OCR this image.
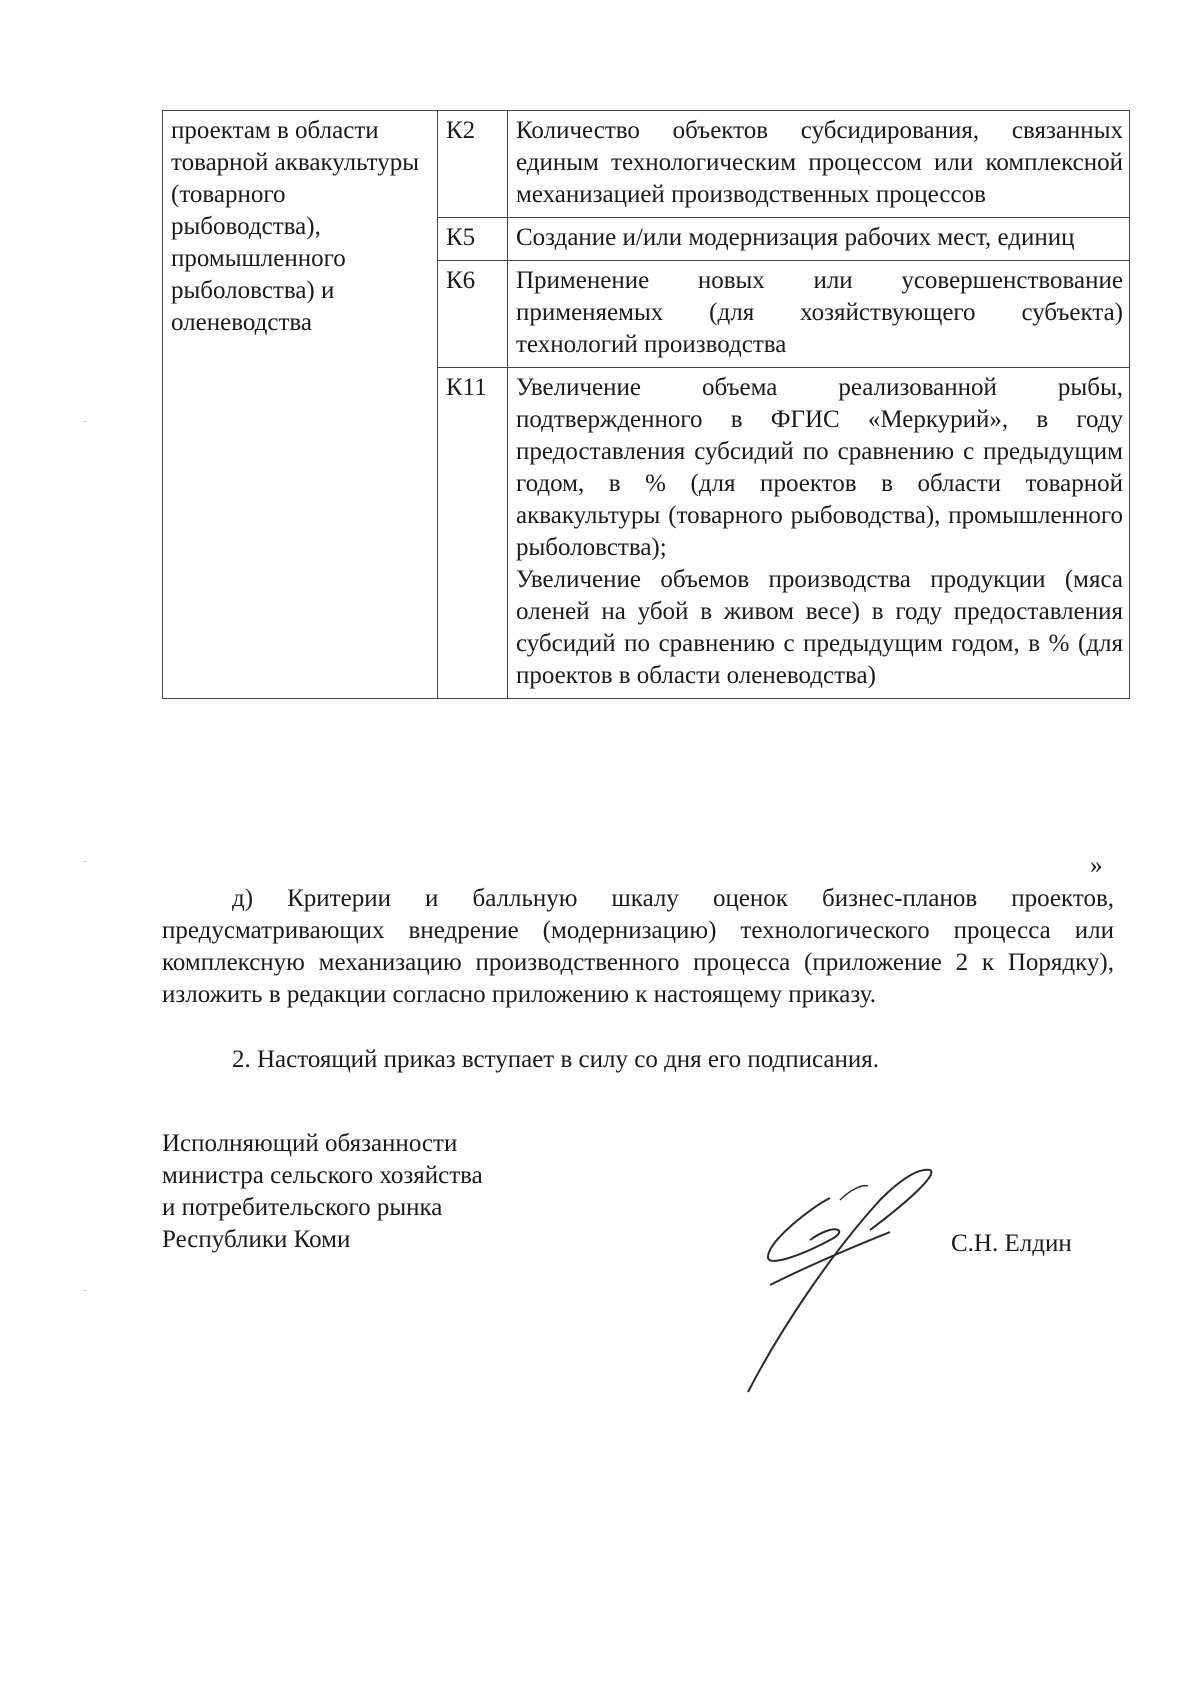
проектам в области товарной аквакультуры (товарного рыбоводства), промышленного рыболовства) и оленеводства	К2	Количество объектов субсидирования, связанных единым технологическим процессом или комплексной механизацией производственных процессов

	К5	Создание и/или модернизация рабочих мест, единиц

	К6	Применение новых или усовершенствование применяемых (для хозяйствующего субъекта) технологий производства

	К11	Увеличение объема реализованной рыбы, подтвержденного в ФГИС «Меркурий», в году предоставления субсидий по сравнению с предыдущим годом, в % (для проектов в области товарной аквакультуры (товарного рыбоводства), промышленного рыболовства);
Увеличение объемов производства продукции (мяса оленей на убой в живом весе) в году предоставления субсидий по сравнению с предыдущим годом, в % (для проектов в области оленеводства)
»
д) Критерии и балльную шкалу оценок бизнес-планов проектов, предусматривающих внедрение (модернизацию) технологического процесса или комплексную механизацию производственного процесса (приложение 2 к Порядку), изложить в редакции согласно приложению к настоящему приказу.
2. Настоящий приказ вступает в силу со дня его подписания.
Исполняющий обязанности
министра сельского хозяйства
и потребительского рынка
Республики Коми	С.Н. Елдин
